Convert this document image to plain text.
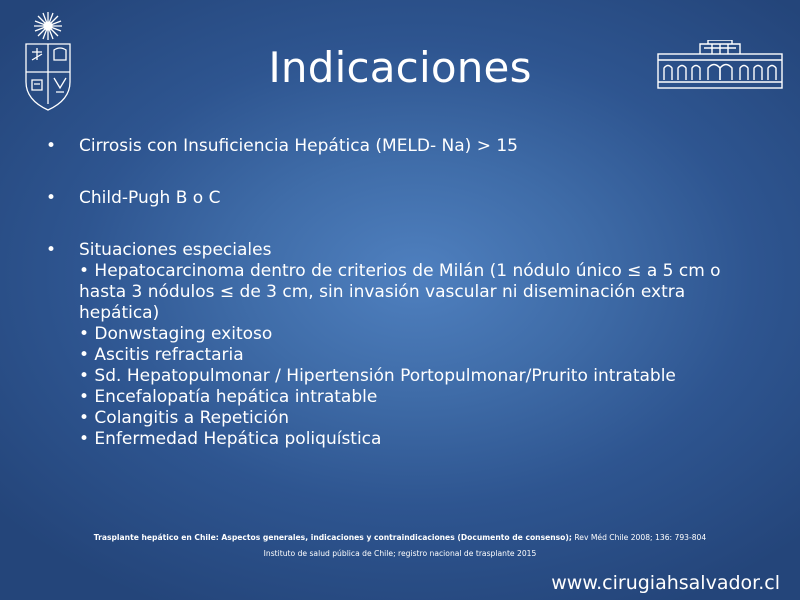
Indicaciones
• Cirrosis con Insuficiencia Hepática (MELD- Na) > 15
• Child-Pugh B o C
• Situaciones especiales
• Hepatocarcinoma dentro de criterios de Milán (1 nódulo único ≤ a 5 cm o hasta 3 nódulos ≤ de 3 cm, sin invasión vascular ni diseminación extra hepática)
• Donwstaging exitoso
• Ascitis refractaria
• Sd. Hepatopulmonar / Hipertensión Portopulmonar/Prurito intratable
• Encefalopatía hepática intratable
• Colangitis a Repetición
• Enfermedad Hepática poliquística
Trasplante hepático en Chile: Aspectos generales, indicaciones y contraindicaciones (Documento de consenso); Rev Méd Chile 2008; 136: 793-804
Instituto de salud pública de Chile; registro nacional de trasplante 2015
www.cirugiahsalvador.cl
